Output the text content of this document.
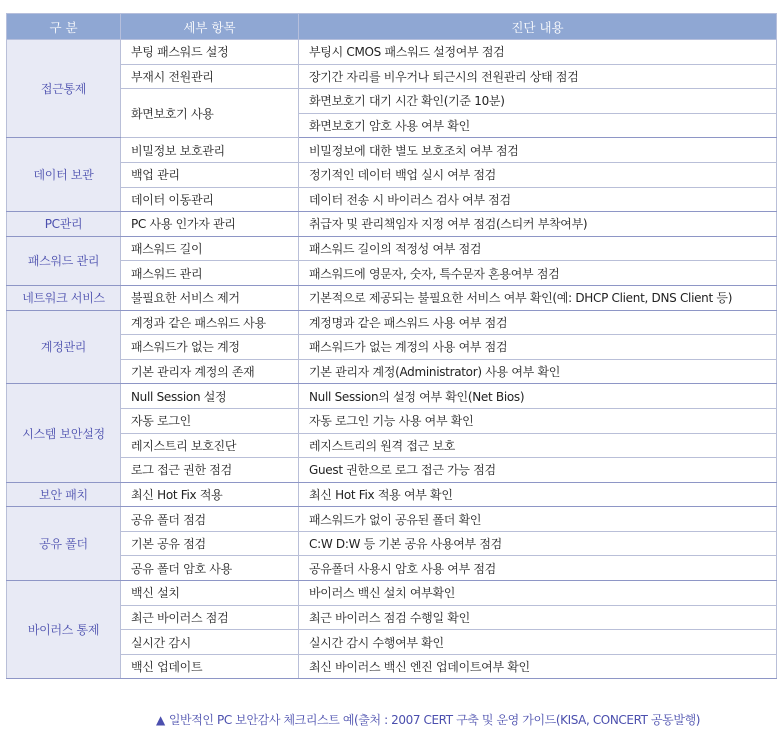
구 분	세부 항목	진단 내용
접근통제	부팅 패스워드 설정	부팅시 CMOS 패스워드 설정여부 점검
	부재시 전원관리	장기간 자리를 비우거나 퇴근시의 전원관리 상태 점검
	화면보호기 사용	화면보호기 대기 시간 확인(기준 10분)
		화면보호기 암호 사용 여부 확인
데이터 보관	비밀정보 보호관리	비밀정보에 대한 별도 보호조치 여부 점검
	백업 관리	정기적인 데이터 백업 실시 여부 점검
	데이터 이동관리	데이터 전송 시 바이러스 검사 여부 점검
PC관리	PC 사용 인가자 관리	취급자 및 관리책임자 지정 여부 점검(스티커 부착여부)
패스워드 관리	패스워드 길이	패스워드 길이의 적정성 여부 점검
	패스워드 관리	패스워드에 영문자, 숫자, 특수문자 혼용여부 점검
네트워크 서비스	불필요한 서비스 제거	기본적으로 제공되는 불필요한 서비스 여부 확인(예: DHCP Client, DNS Client 등)
계정관리	계정과 같은 패스워드 사용	계정명과 같은 패스워드 사용 여부 점검
	패스워드가 없는 계정	패스워드가 없는 계정의 사용 여부 점검
	기본 관리자 계정의 존재	기본 관리자 계정(Administrator) 사용 여부 확인
시스템 보안설정	Null Session 설정	Null Session의 설정 여부 확인(Net Bios)
	자동 로그인	자동 로그인 기능 사용 여부 확인
	레지스트리 보호진단	레지스트리의 원격 접근 보호
	로그 접근 권한 점검	Guest 권한으로 로그 접근 가능 점검
보안 패치	최신 Hot Fix 적용	최신 Hot Fix 적용 여부 확인
공유 폴더	공유 폴더 점검	패스워드가 없이 공유된 폴더 확인
	기본 공유 점검	C:W D:W 등 기본 공유 사용여부 점검
	공유 폴더 암호 사용	공유폴더 사용시 암호 사용 여부 점검
바이러스 통제	백신 설치	바이러스 백신 설치 여부확인
	최근 바이러스 점검	최근 바이러스 점검 수행일 확인
	실시간 감시	실시간 감시 수행여부 확인
	백신 업데이트	최신 바이러스 백신 엔진 업데이트여부 확인
▲ 일반적인 PC 보안감사 체크리스트 예(출처 : 2007 CERT 구축 및 운영 가이드(KISA, CONCERT 공동발행)
